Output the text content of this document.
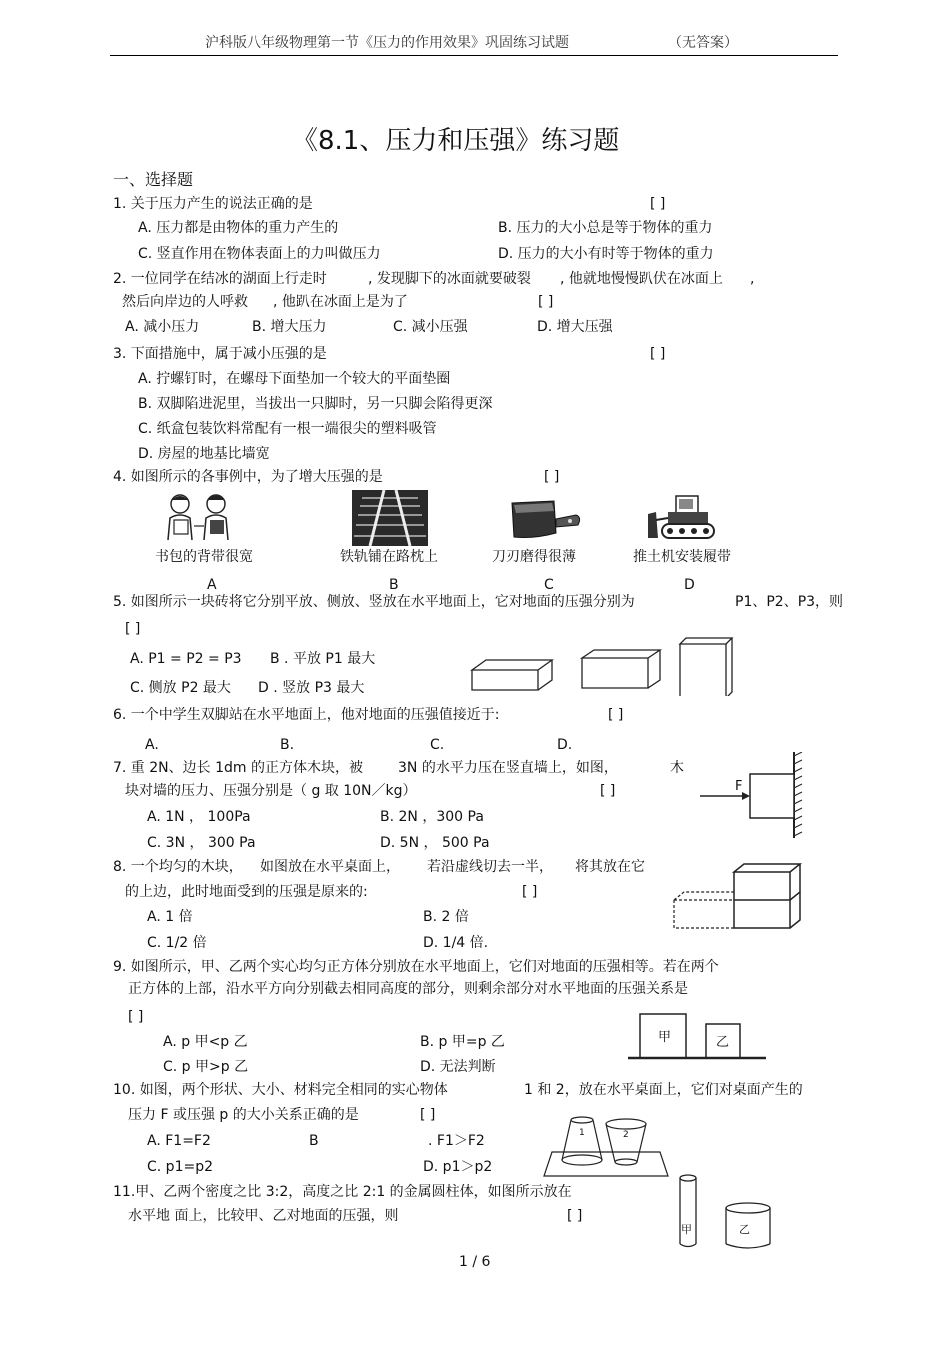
沪科版八年级物理第一节《压力的作用效果》巩固练习试题	（无答案）
《8.1、压力和压强》练习题
一、选择题
1. 关于压力产生的说法正确的是	[ ]
A. 压力都是由物体的重力产生的	B. 压力的大小总是等于物体的重力
C. 竖直作用在物体表面上的力叫做压力	D. 压力的大小有时等于物体的重力
2. 一位同学在结冰的湖面上行走时	, 发现脚下的冰面就要破裂 , 他就地慢慢趴伏在冰面上 ,
然后向岸边的人呼救 , 他趴在冰面上是为了	[ ]
A. 减小压力	B. 增大压力	C. 减小压强	D. 增大压强
3. 下面措施中，属于减小压强的是	[ ]
A. 拧螺钉时，在螺母下面垫加一个较大的平面垫圈
B. 双脚陷进泥里，当拔出一只脚时，另一只脚会陷得更深
C. 纸盒包装饮料常配有一根一端很尖的塑料吸管
D. 房屋的地基比墙宽
4. 如图所示的各事例中，为了增大压强的是	[ ]
书包的背带很宽	铁轨铺在路枕上	刀刃磨得很薄	推土机安装履带
A	B	C	D
5. 如图所示一块砖将它分别平放、侧放、竖放在水平地面上，它对地面的压强分别为	P1、P2、P3，则
[ ]
A. P1 = P2 = P3 B . 平放 P1 最大
C. 侧放 P2 最大 D . 竖放 P3 最大
6. 一个中学生双脚站在水平地面上，他对地面的压强值接近于:	[ ]
A.	B.	C.	D.
7. 重 2N、边长 1dm 的正方体木块，被	3N 的水平力压在竖直墙上，如图，	木
块对墙的压力、压强分别是（ g 取 10N／kg）	[ ]
A. 1N ， 100Pa	B. 2N ，300 Pa
C. 3N ， 300 Pa	D. 5N ， 500 Pa
F
8. 一个均匀的木块， 如图放在水平桌面上， 若沿虚线切去一半， 将其放在它
的上边，此时地面受到的压强是原来的:	[ ]
A. 1 倍	B. 2 倍
C. 1/2 倍	D. 1/4 倍.
9. 如图所示，甲、乙两个实心均匀正方体分别放在水平地面上，它们对地面的压强相等。若在两个
正方体的上部，沿水平方向分别截去相同高度的部分，则剩余部分对水平地面的压强关系是
[ ]
A. p 甲<p 乙	B. p 甲=p 乙
C. p 甲>p 乙	D. 无法判断
甲	乙
10. 如图，两个形状、大小、材料完全相同的实心物体	1 和 2，放在水平桌面上，它们对桌面产生的
压力 F 或压强 p 的大小关系正确的是	[ ]
A. F1=F2	B	. F1＞F2
C. p1=p2	D. p1＞p2
1	2
11.甲、乙两个密度之比 3:2，高度之比 2:1 的金属圆柱体，如图所示放在
水平地 面上，比较甲、乙对地面的压强，则	[ ]
甲	乙
1 / 6
